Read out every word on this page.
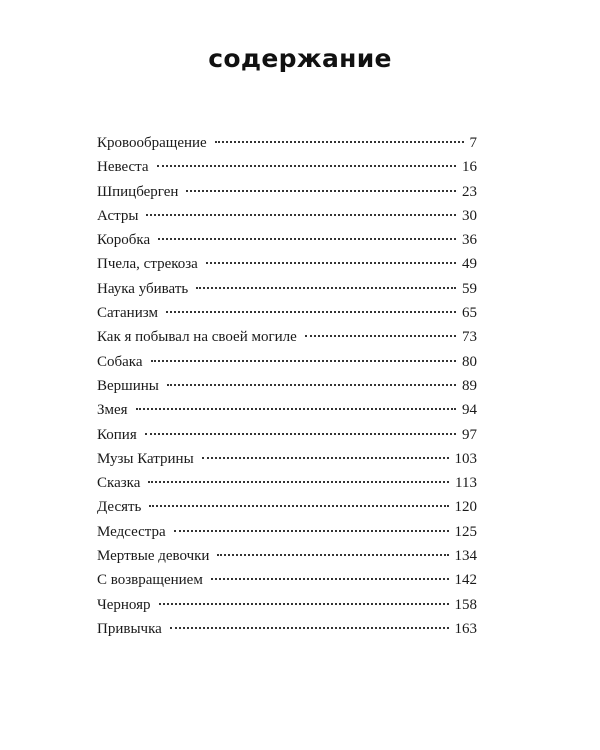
содержание
Кровообращение	7
Невеста	16
Шпицберген	23
Астры	30
Коробка	36
Пчела, стрекоза	49
Наука убивать	59
Сатанизм	65
Как я побывал на своей могиле	73
Собака	80
Вершины	89
Змея	94
Копия	97
Музы Катрины	103
Сказка	113
Десять	120
Медсестра	125
Мертвые девочки	134
С возвращением	142
Чернояр	158
Привычка	163
